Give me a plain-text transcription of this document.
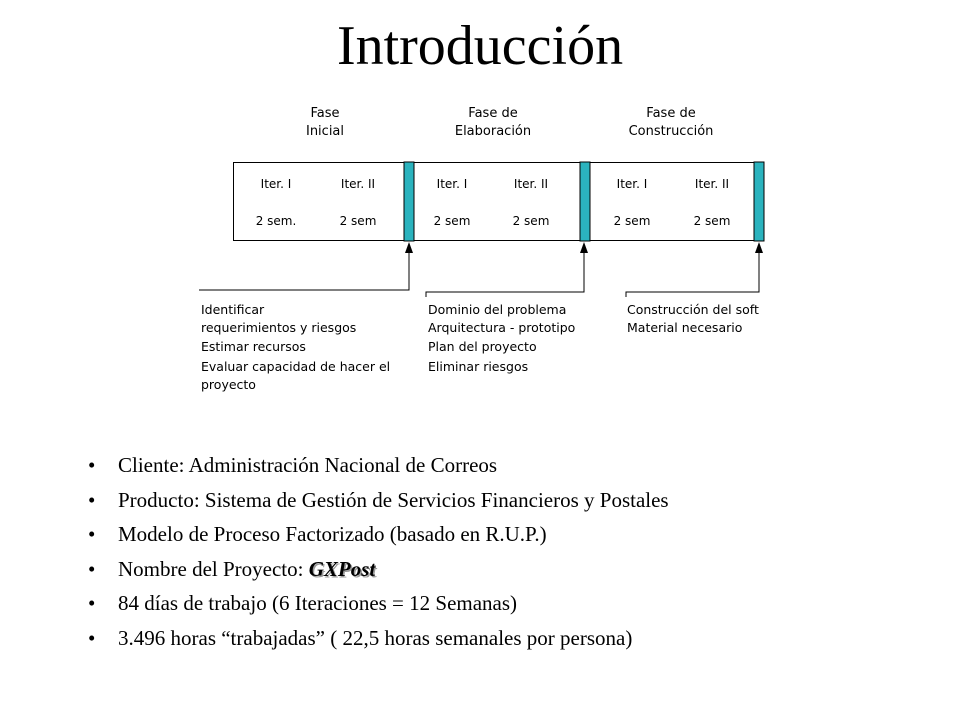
Introducción
Fase
Inicial
Fase de
Elaboración
Fase de
Construcción
Iter. I
2 sem.
Iter. II
2 sem
Iter. I
2 sem
Iter. II
2 sem
Iter. I
2 sem
Iter. II
2 sem
Identificar
requerimientos y riesgos
Estimar recursos
Evaluar capacidad de hacer el
proyecto
Dominio del problema
Arquitectura - prototipo
Plan del proyecto
Eliminar riesgos
Construcción del soft
Material necesario
• Cliente: Administración Nacional de Correos
• Producto: Sistema de Gestión de Servicios Financieros y Postales
• Modelo de Proceso Factorizado (basado en R.U.P.)
• Nombre del Proyecto: GXPost
• 84 días de trabajo (6 Iteraciones = 12 Semanas)
• 3.496 horas “trabajadas” ( 22,5 horas semanales por persona)
